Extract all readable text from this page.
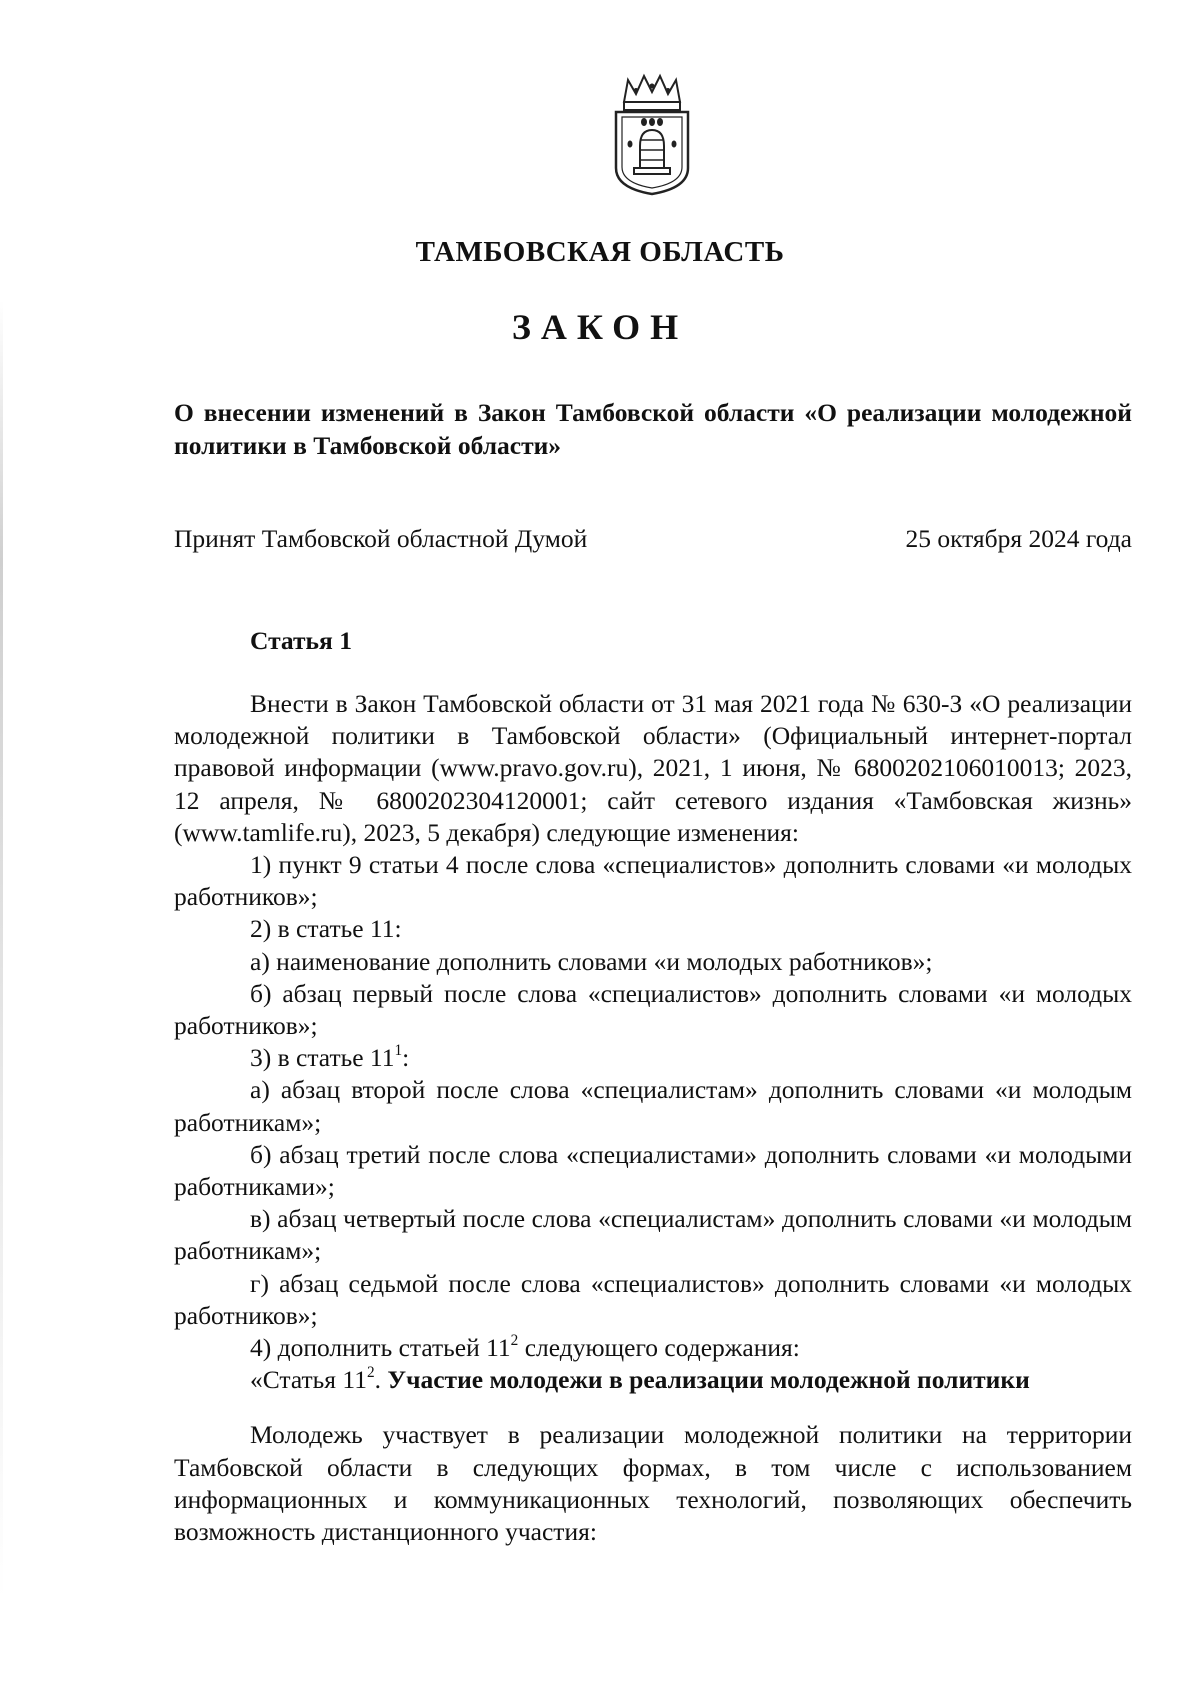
ТАМБОВСКАЯ ОБЛАСТЬ
ЗАКОН
О внесении изменений в Закон Тамбовской области «О реализации молодежной политики в Тамбовской области»
Принят Тамбовской областной Думой	25 октября 2024 года
Статья 1

Внести в Закон Тамбовской области от 31 мая 2021 года № 630-З «О реализации молодежной политики в Тамбовской области» (Официальный интернет-портал правовой информации (www.pravo.gov.ru), 2021, 1 июня, № 6800202106010013; 2023, 12 апреля, № 6800202304120001; сайт сетевого издания «Тамбовская жизнь» (www.tamlife.ru), 2023, 5 декабря) следующие изменения:

1) пункт 9 статьи 4 после слова «специалистов» дополнить словами «и молодых работников»;

2) в статье 11:

а) наименование дополнить словами «и молодых работников»;

б) абзац первый после слова «специалистов» дополнить словами «и молодых работников»;

3) в статье $11^1$:

а) абзац второй после слова «специалистам» дополнить словами «и молодым работникам»;

б) абзац третий после слова «специалистами» дополнить словами «и молодыми работниками»;

в) абзац четвертый после слова «специалистам» дополнить словами «и молодым работникам»;

г) абзац седьмой после слова «специалистов» дополнить словами «и молодых работников»;

4) дополнить статьей $11^2$ следующего содержания:

«Статья $11^2$. Участие молодежи в реализации молодежной политики

Молодежь участвует в реализации молодежной политики на территории Тамбовской области в следующих формах, в том числе с использованием информационных и коммуникационных технологий, позволяющих обеспечить возможность дистанционного участия:
